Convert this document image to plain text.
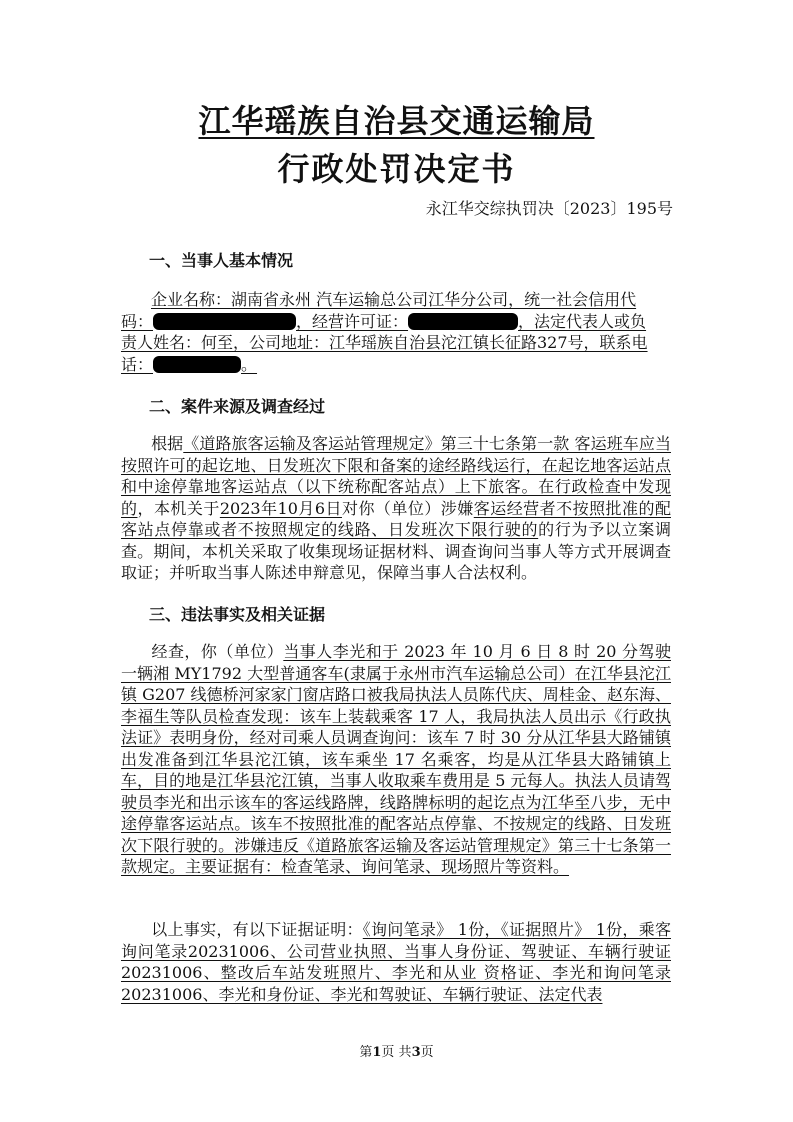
江华瑶族自治县交通运输局
行政处罚决定书
永江华交综执罚决〔2023〕195号
一、当事人基本情况
企业名称：湖南省永州 汽车运输总公司江华分公司，统一社会信用代
码：	，经营许可证：	，法定代表人或负
责人姓名：何至，公司地址：江华瑶族自治县沱江镇长征路327号，联系电
话：	。
二、案件来源及调查经过
根据《道路旅客运输及客运站管理规定》第三十七条第一款 客运班车应当按照许可的起讫地、日发班次下限和备案的途经路线运行，在起讫地客运站点和中途停靠地客运站点（以下统称配客站点）上下旅客。在行政检查中发现的，本机关于2023年10月6日对你（单位）涉嫌客运经营者不按照批准的配客站点停靠或者不按照规定的线路、日发班次下限行驶的的行为予以立案调查。期间，本机关采取了收集现场证据材料、调查询问当事人等方式开展调查取证；并听取当事人陈述申辩意见，保障当事人合法权利。
三、违法事实及相关证据
经查，你（单位）当事人李光和于 2023 年 10 月 6 日 8 时 20 分驾驶一辆湘 MY1792 大型普通客车(隶属于永州市汽车运输总公司）在江华县沱江镇 G207 线德桥河家家门窗店路口被我局执法人员陈代庆、周桂金、赵东海、李福生等队员检查发现：该车上装载乘客 17 人，我局执法人员出示《行政执法证》表明身份，经对司乘人员调查询问：该车 7 时 30 分从江华县大路铺镇出发准备到江华县沱江镇，该车乘坐 17 名乘客，均是从江华县大路铺镇上车，目的地是江华县沱江镇，当事人收取乘车费用是 5 元每人。执法人员请驾驶员李光和出示该车的客运线路牌，线路牌标明的起讫点为江华至八步，无中途停靠客运站点。该车不按照批准的配客站点停靠、不按规定的线路、日发班次下限行驶的。涉嫌违反《道路旅客运输及客运站管理规定》第三十七条第一款规定。主要证据有：检查笔录、询问笔录、现场照片等资料。
以上事实，有以下证据证明：《询问笔录》 1份，《证据照片》 1份，乘客询问笔录20231006、公司营业执照、当事人身份证、驾驶证、车辆行驶证20231006、整改后车站发班照片、李光和从业 资格证、李光和询问笔录20231006、李光和身份证、李光和驾驶证、车辆行驶证、法定代表
第1页 共3页
